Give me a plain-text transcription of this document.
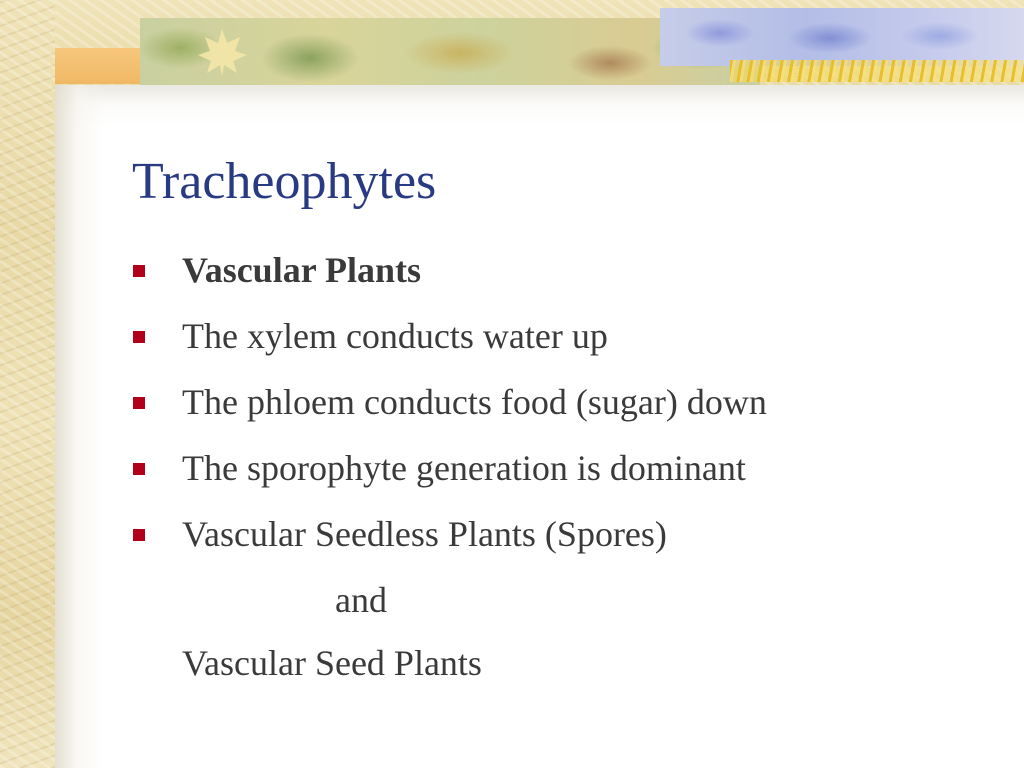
Tracheophytes
Vascular Plants
The xylem conducts water up
The phloem conducts food (sugar) down
The sporophyte generation is dominant
Vascular Seedless Plants (Spores)
and
Vascular Seed Plants
